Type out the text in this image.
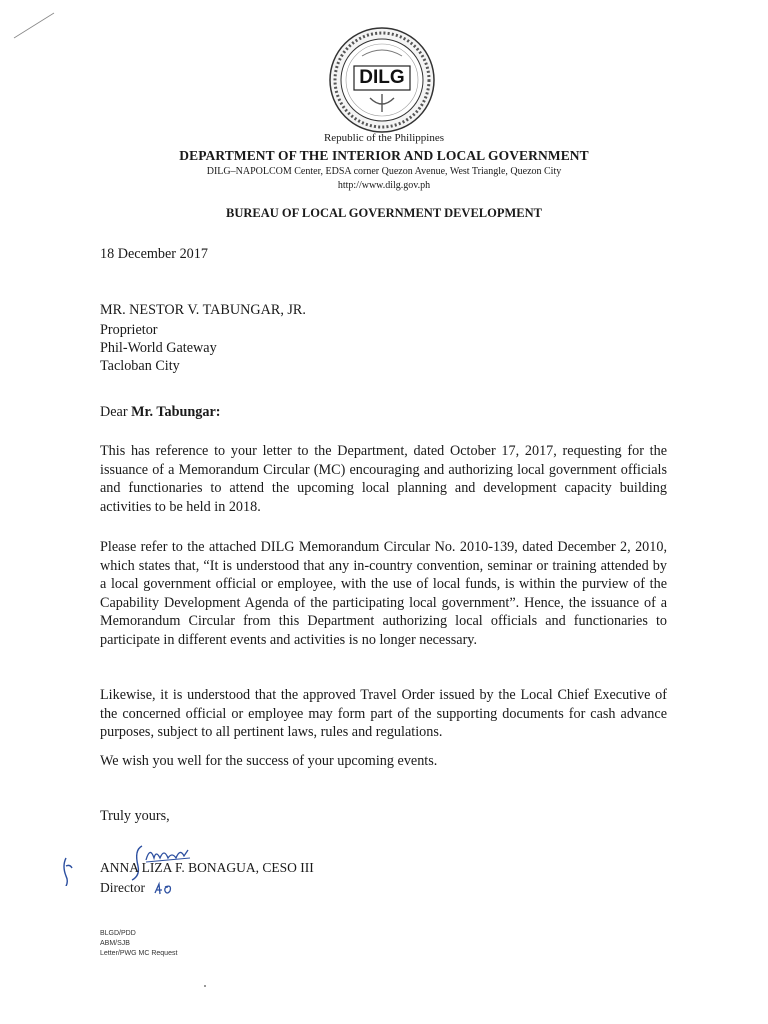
DILG
Republic of the Philippines
DEPARTMENT OF THE INTERIOR AND LOCAL GOVERNMENT
DILG–NAPOLCOM Center, EDSA corner Quezon Avenue, West Triangle, Quezon City
http://www.dilg.gov.ph
BUREAU OF LOCAL GOVERNMENT DEVELOPMENT
18 December 2017
MR. NESTOR V. TABUNGAR, JR.
Proprietor
Phil-World Gateway
Tacloban City
Dear Mr. Tabungar:
This has reference to your letter to the Department, dated October 17, 2017, requesting for the issuance of a Memorandum Circular (MC) encouraging and authorizing local government officials and functionaries to attend the upcoming local planning and development capacity building activities to be held in 2018.
Please refer to the attached DILG Memorandum Circular No. 2010-139, dated December 2, 2010, which states that, “It is understood that any in-country convention, seminar or training attended by a local government official or employee, with the use of local funds, is within the purview of the Capability Development Agenda of the participating local government”. Hence, the issuance of a Memorandum Circular from this Department authorizing local officials and functionaries to participate in different events and activities is no longer necessary.
Likewise, it is understood that the approved Travel Order issued by the Local Chief Executive of the concerned official or employee may form part of the supporting documents for cash advance purposes, subject to all pertinent laws, rules and regulations.
We wish you well for the success of your upcoming events.
Truly yours,
ANNA LIZA F. BONAGUA, CESO III
Director
BLGD/PDD
ABM/SJB
Letter/PWG MC Request
